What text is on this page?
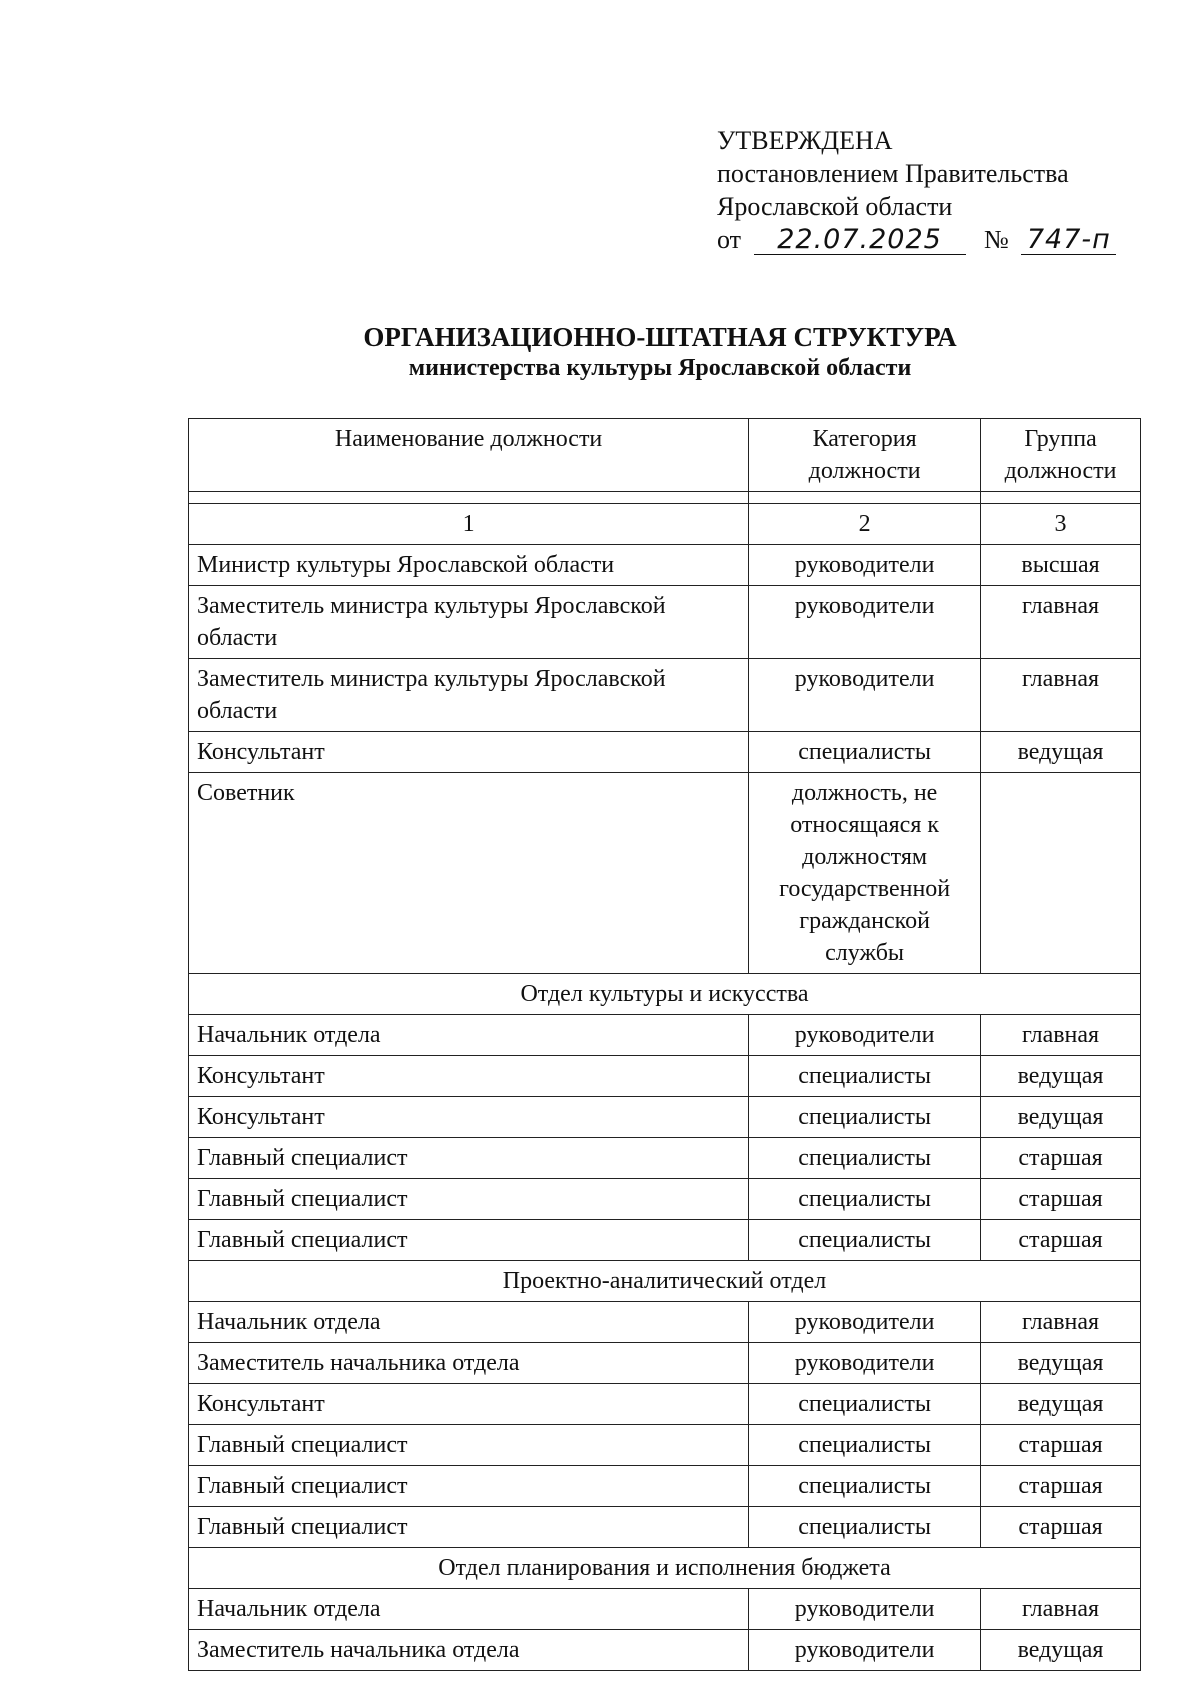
УТВЕРЖДЕНА
постановлением Правительства
Ярославской области
от 22.07.2025 № 747-п
ОРГАНИЗАЦИОННО-ШТАТНАЯ СТРУКТУРА
министерства культуры Ярославской области
Наименование должности	Категория должности	Группа должности

1	2	3
Министр культуры Ярославской области	руководители	высшая
Заместитель министра культуры Ярославской области	руководители	главная
Заместитель министра культуры Ярославской области	руководители	главная
Консультант	специалисты	ведущая
Советник	должность, не относящаяся к должностям государственной гражданской службы	
Отдел культуры и искусства		
Начальник отдела	руководители	главная
Консультант	специалисты	ведущая
Консультант	специалисты	ведущая
Главный специалист	специалисты	старшая
Главный специалист	специалисты	старшая
Главный специалист	специалисты	старшая
Проектно-аналитический отдел		
Начальник отдела	руководители	главная
Заместитель начальника отдела	руководители	ведущая
Консультант	специалисты	ведущая
Главный специалист	специалисты	старшая
Главный специалист	специалисты	старшая
Главный специалист	специалисты	старшая
Отдел планирования и исполнения бюджета		
Начальник отдела	руководители	главная
Заместитель начальника отдела	руководители	ведущая
